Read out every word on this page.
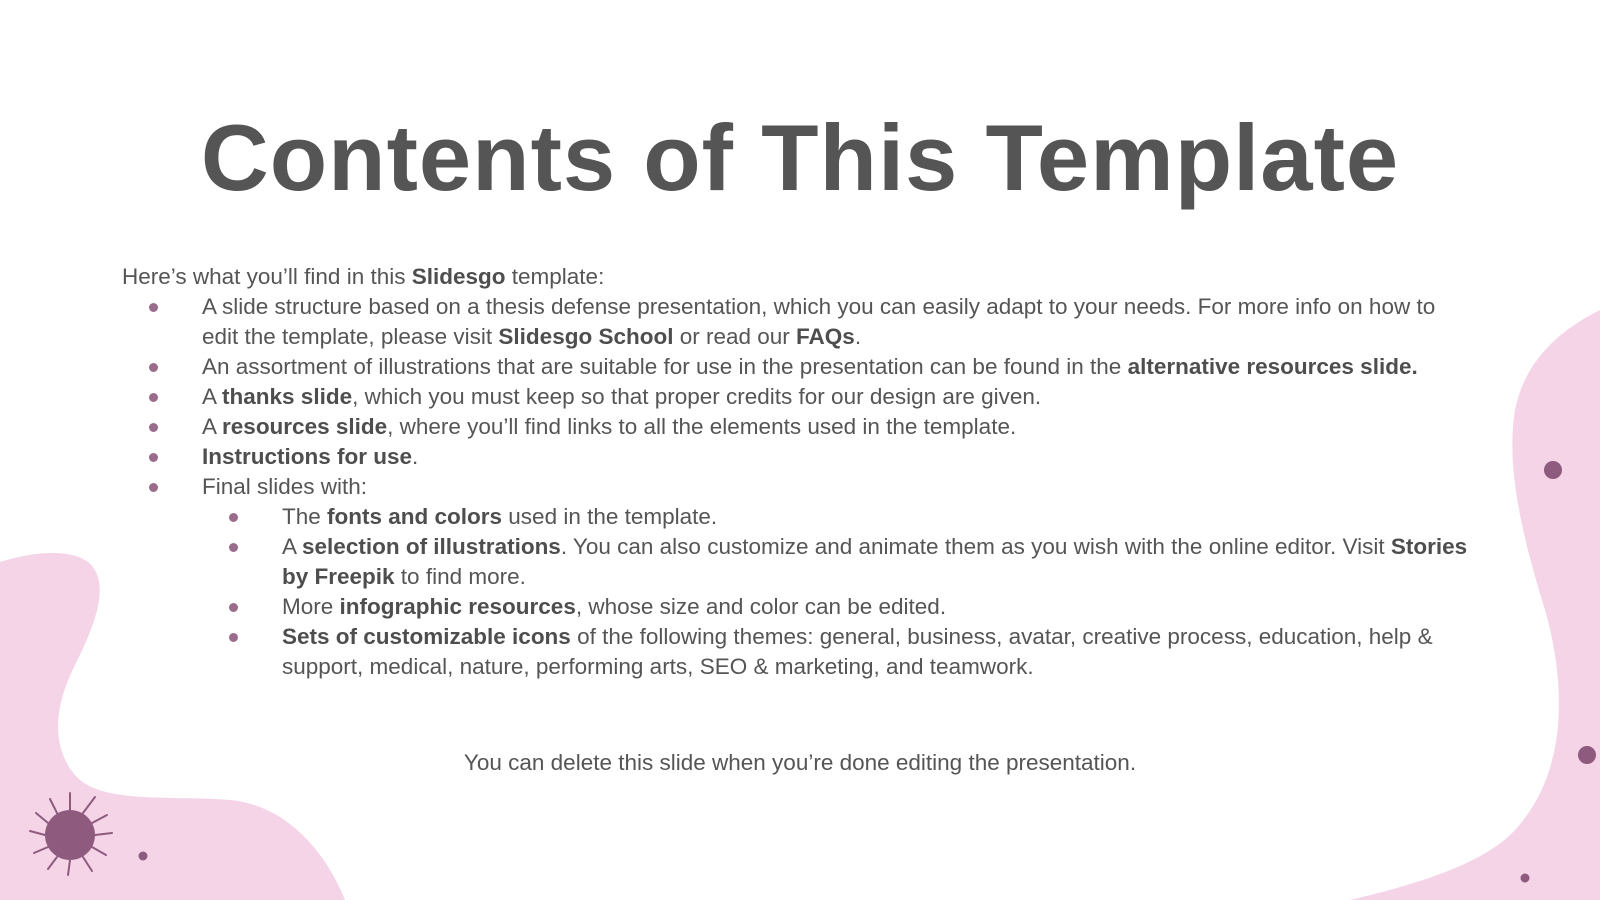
Contents of This Template

Here’s what you’ll find in this Slidesgo template:

A slide structure based on a thesis defense presentation, which you can easily adapt to your needs. For more info on how to edit the template, please visit Slidesgo School or read our FAQs.
An assortment of illustrations that are suitable for use in the presentation can be found in the alternative resources slide.
A thanks slide, which you must keep so that proper credits for our design are given.
A resources slide, where you’ll find links to all the elements used in the template.
Instructions for use.
Final slides with:
The fonts and colors used in the template.
A selection of illustrations. You can also customize and animate them as you wish with the online editor. Visit Stories by Freepik to find more.
More infographic resources, whose size and color can be edited.
Sets of customizable icons of the following themes: general, business, avatar, creative process, education, help & support, medical, nature, performing arts, SEO & marketing, and teamwork.

You can delete this slide when you’re done editing the presentation.
